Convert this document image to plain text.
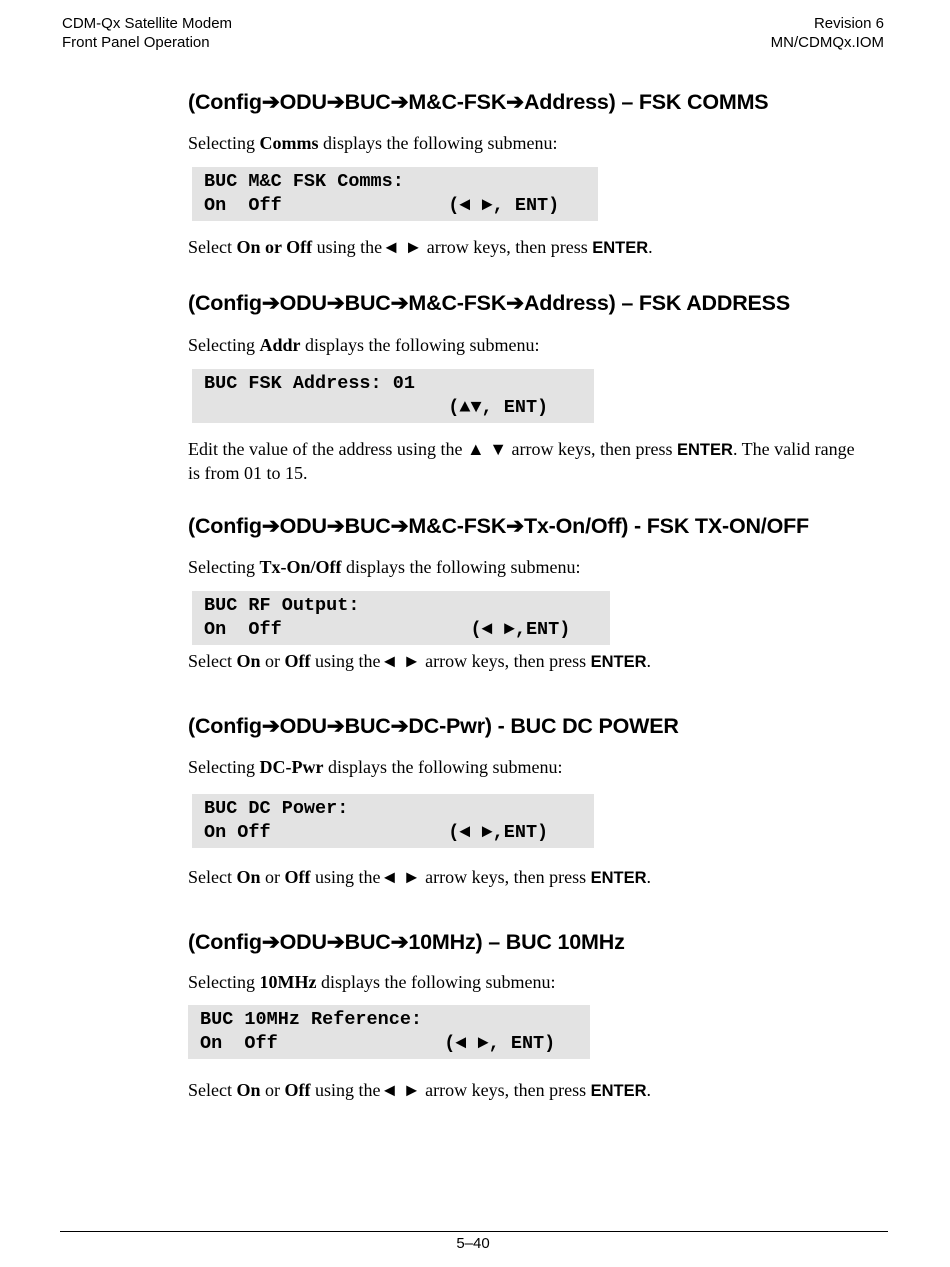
CDM-Qx Satellite Modem
Front Panel Operation
Revision 6
MN/CDMQx.IOM
(Config➔ODU➔BUC➔M&C-FSK➔Address) – FSK COMMS

Selecting Comms displays the following submenu:

BUC M&C FSK Comms:
On  Off               (◄ ►, ENT)

Select On or Off using the◄ ► arrow keys, then press ENTER.

(Config➔ODU➔BUC➔M&C-FSK➔Address) – FSK ADDRESS

Selecting Addr displays the following submenu:

BUC FSK Address: 01
(▲▼, ENT)

Edit the value of the address using the ▲ ▼ arrow keys, then press ENTER. The valid range is from 01 to 15.

(Config➔ODU➔BUC➔M&C-FSK➔Tx-On/Off) - FSK TX-ON/OFF

Selecting Tx-On/Off displays the following submenu:

BUC RF Output:
On  Off                 (◄ ►,ENT)

Select On or Off using the◄ ► arrow keys, then press ENTER.

(Config➔ODU➔BUC➔DC-Pwr) - BUC DC POWER

Selecting DC-Pwr displays the following submenu:

BUC DC Power:
On Off                (◄ ►,ENT)

Select On or Off using the◄ ► arrow keys, then press ENTER.

(Config➔ODU➔BUC➔10MHz) – BUC 10MHz

Selecting 10MHz displays the following submenu:

BUC 10MHz Reference:
On  Off               (◄ ►, ENT)

Select On or Off using the◄ ► arrow keys, then press ENTER.

5–40
